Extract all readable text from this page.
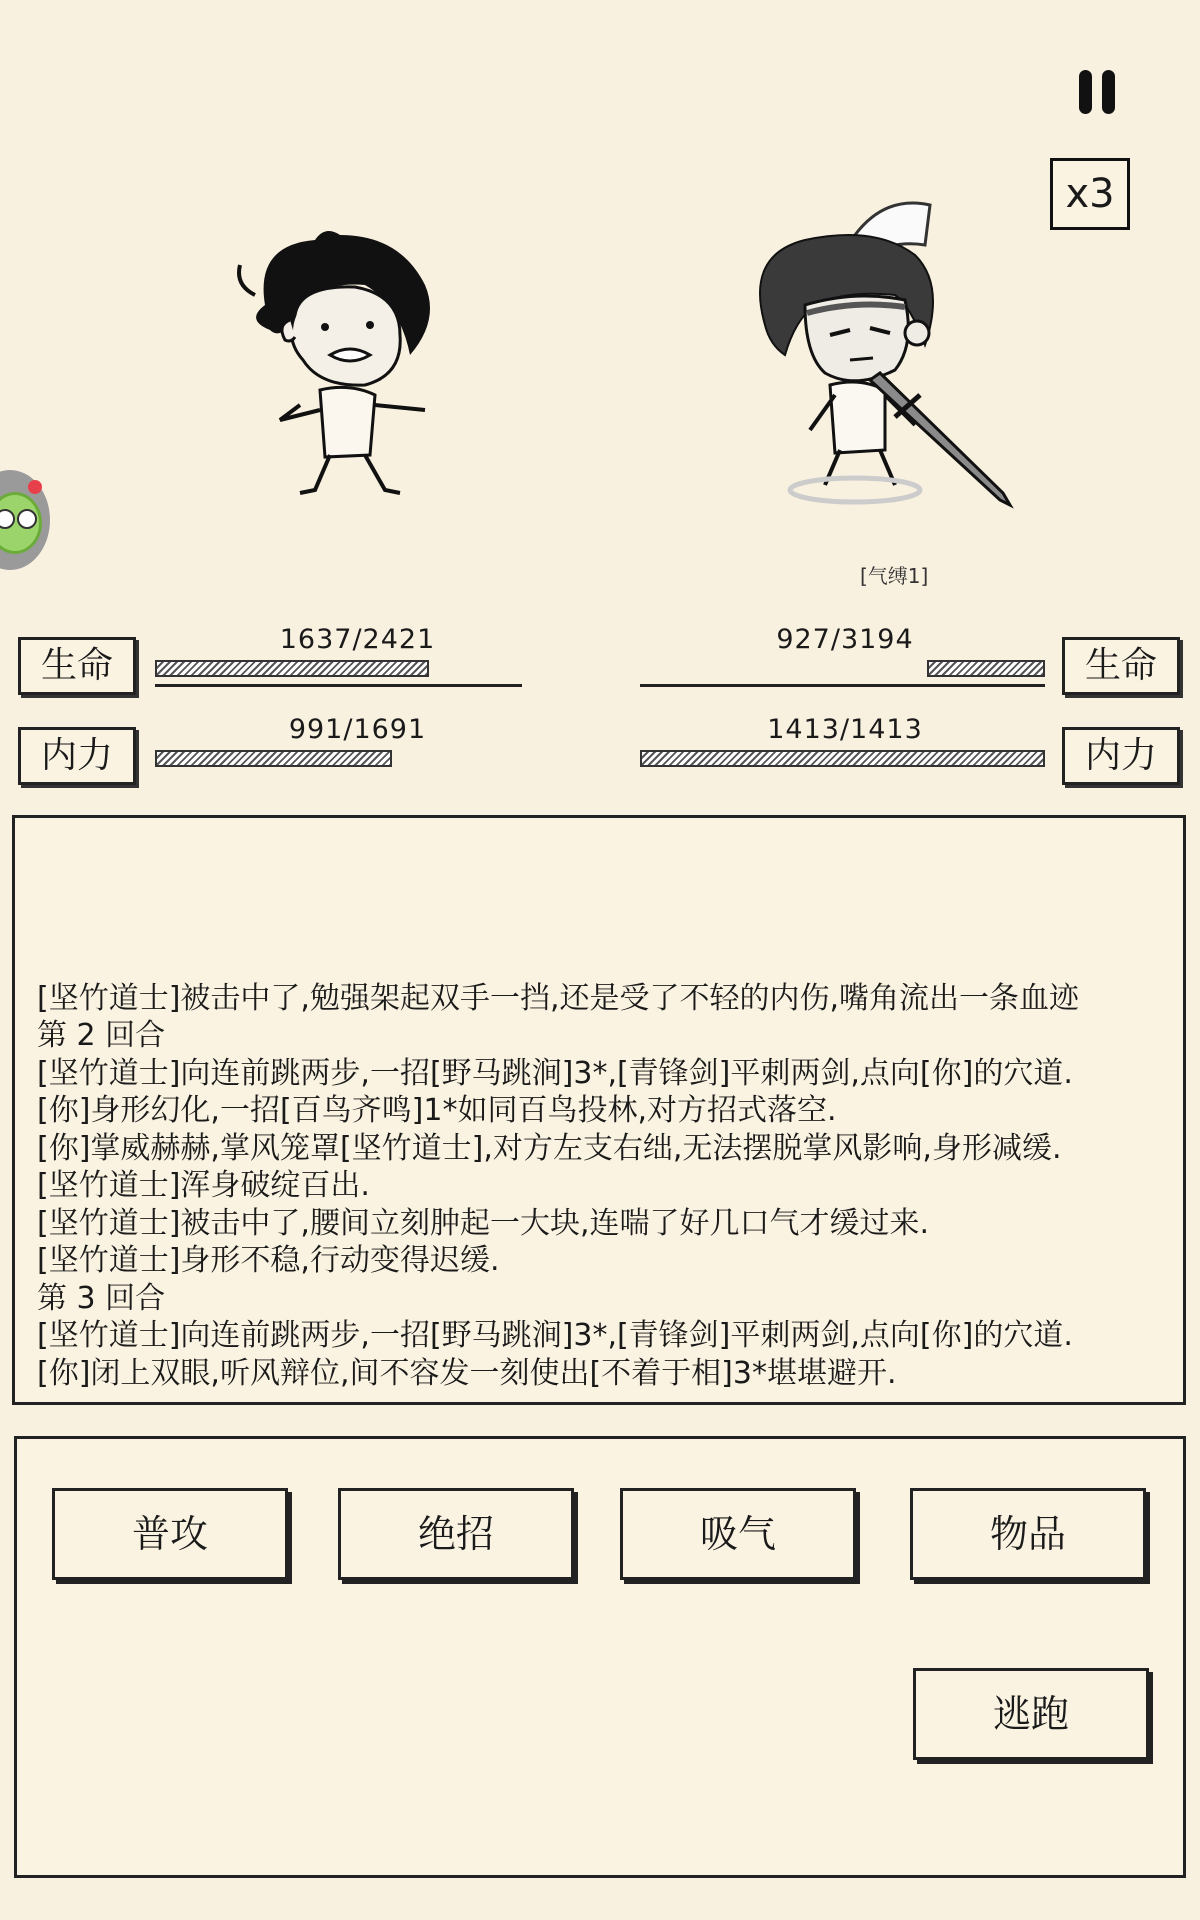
x3
[气缚1]
生命
1637/2421
内力
991/1691
生命
927/3194
内力
1413/1413

[坚竹道士]被击中了,勉强架起双手一挡,还是受了不轻的内伤,嘴角流出一条血迹

第 2 回合

[坚竹道士]向连前跳两步,一招[野马跳涧]3*,[青锋剑]平刺两剑,点向[你]的穴道.

[你]身形幻化,一招[百鸟齐鸣]1*如同百鸟投林,对方招式落空.

[你]掌威赫赫,掌风笼罩[坚竹道士],对方左支右绌,无法摆脱掌风影响,身形减缓.

[坚竹道士]浑身破绽百出.

[坚竹道士]被击中了,腰间立刻肿起一大块,连喘了好几口气才缓过来.

[坚竹道士]身形不稳,行动变得迟缓.

第 3 回合

[坚竹道士]向连前跳两步,一招[野马跳涧]3*,[青锋剑]平刺两剑,点向[你]的穴道.

[你]闭上双眼,听风辩位,间不容发一刻使出[不着于相]3*堪堪避开.

普攻	绝招	吸气	物品
逃跑
